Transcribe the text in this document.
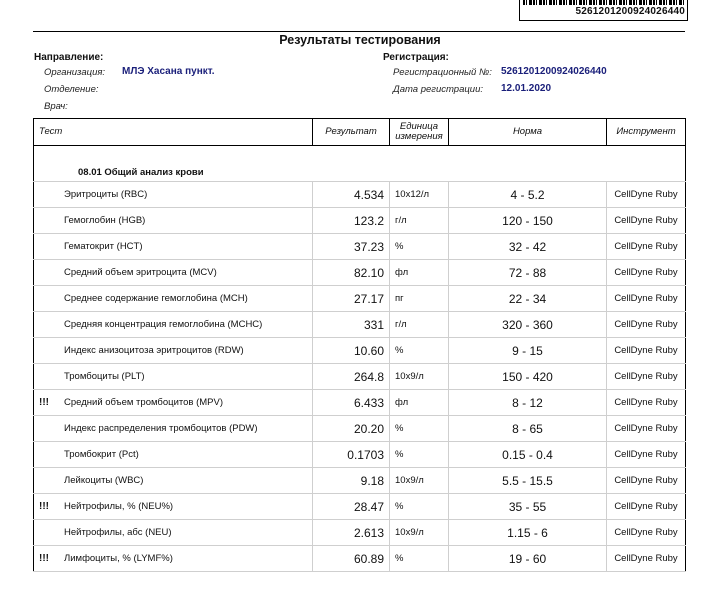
5261201200924026440
Результаты тестирования
Направление:
Организация: МЛЭ Хасана пункт.
Отделение:
Врач:
Регистрация:
Регистрационный №: 5261201200924026440
Дата регистрации: 12.01.2020
Тест	Результат	Единица измерения	Норма	Инструмент

08.01 Общий анализ крови				

Эритроциты (RBC)	4.534	10x12/л	4 - 5.2	CellDyne Ruby

Гемоглобин (HGB)	123.2	г/л	120 - 150	CellDyne Ruby

Гематокрит (HCT)	37.23	%	32 - 42	CellDyne Ruby

Средний объем эритроцита (MCV)	82.10	фл	72 - 88	CellDyne Ruby

Среднее содержание гемоглобина (MCH)	27.17	пг	22 - 34	CellDyne Ruby

Средняя концентрация гемоглобина (MCHC)	331	г/л	320 - 360	CellDyne Ruby

Индекс анизоцитоза эритроцитов (RDW)	10.60	%	9 - 15	CellDyne Ruby

Тромбоциты (PLT)	264.8	10x9/л	150 - 420	CellDyne Ruby

!!! Средний объем тромбоцитов (MPV)	6.433	фл	8 - 12	CellDyne Ruby

Индекс распределения тромбоцитов (PDW)	20.20	%	8 - 65	CellDyne Ruby

Тромбокрит (Pct)	0.1703	%	0.15 - 0.4	CellDyne Ruby

Лейкоциты (WBC)	9.18	10x9/л	5.5 - 15.5	CellDyne Ruby

!!! Нейтрофилы, % (NEU%)	28.47	%	35 - 55	CellDyne Ruby

Нейтрофилы, абс (NEU)	2.613	10x9/л	1.15 - 6	CellDyne Ruby

!!! Лимфоциты, % (LYMF%)	60.89	%	19 - 60	CellDyne Ruby
